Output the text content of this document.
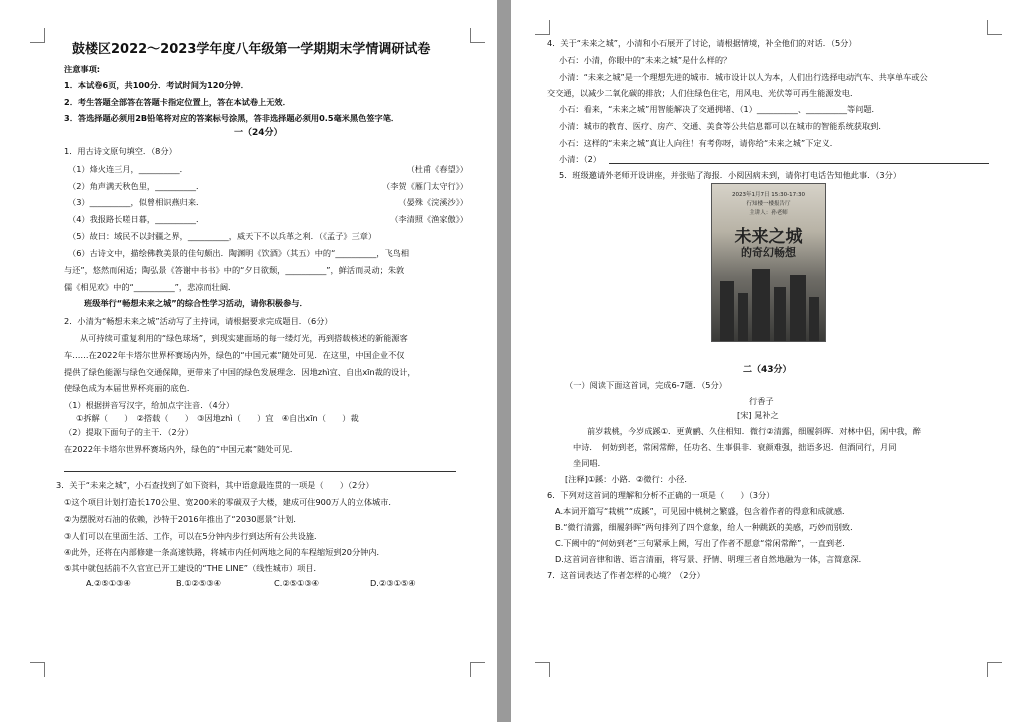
鼓楼区2022～2023学年度八年级第一学期期末学情调研试卷
注意事项:
1．本试卷6页，共100分．考试时间为120分钟．
2．考生答题全部答在答题卡指定位置上，答在本试卷上无效．
3．答选择题必须用2B铅笔将对应的答案标号涂黑，答非选择题必须用0.5毫米黑色签字笔．
一（24分）
1．用古诗文原句填空．（8分）
（1）烽火连三月，__________．	（杜甫《春望》）
（2）角声满天秋色里，__________．	（李贺《雁门太守行》）
（3）__________，似曾相识燕归来．	（晏殊《浣溪沙》）
（4）我报路长嗟日暮，__________．	（李清照《渔家傲》）
（5）故曰：域民不以封疆之界，__________，威天下不以兵革之利．（《孟子》三章）
（6）古诗文中，描绘佛教美景的佳句颇出．陶渊明《饮酒》（其五）中的“__________，飞鸟相
与还”，悠然而闲适；陶弘景《答谢中书书》中的“夕日欲颓，__________”，鲜活而灵动；朱敦
儒《相见欢》中的“__________”，悲凉而壮阔．
班级举行“畅想未来之城”的综合性学习活动，请你积极参与．
2．小清为“畅想未来之城”活动写了主持词，请根据要求完成题目．（6分）
从可持续可重复利用的“绿色球场”，到现实建面场的每一缕灯光，再到搭载核述的新能源客
车……在2022年卡塔尔世界杯赛场内外，绿色的“中国元素”随处可见．在这里，中国企业不仅
提供了绿色能源与绿色交通保障，更带来了中国的绿色发展理念．因地zhì宜、自出xīn裁的设计，
使绿色成为本届世界杯亮丽的底色．
（1）根据拼音写汉字，给加点字注音．（4分）
①拆解（　　）　②搭载（　　）　③因地zhì（　　）宜　④自出xīn（　　）裁
（2）提取下面句子的主干．（2分）
在2022年卡塔尔世界杯赛场内外，绿色的“中国元素”随处可见．
3．关于“未来之城”，小石查找到了如下资料，其中语意最连贯的一项是（　　）（2分）
①这个项目计划打造长170公里、宽200米的零碳双子大楼，建成可住900万人的立体城市．
②为摆脱对石油的依赖，沙特于2016年推出了“2030愿景”计划．
③人们可以在里面生活、工作，可以在5分钟内步行到达所有公共设施．
④此外，还将在内部修建一条高速铁路，将城市内任何两地之间的车程缩短到20分钟内．
⑤其中就包括前不久官宣已开工建设的“THE LINE”（线性城市）项目．
A.②⑤①③④	B.①②⑤③④	C.②⑤①③④	D.②③①⑤④
4．关于“未来之城”，小清和小石展开了讨论，请根据情境，补全他们的对话．（5分）
小石：小清，你眼中的“未来之城”是什么样的？
小清：“未来之城”是一个理想先进的城市．城市设计以人为本，人们出行选择电动汽车、共享单车或公
交交通，以减少二氧化碳的排放；人们住绿色住宅，用风电、光伏等可再生能源发电．
小石：看来，“未来之城”用智能解决了交通拥堵、（1）__________、__________等问题．
小清：城市的教育、医疗、房产、交通、美食等公共信息都可以在城市的智能系统获取到．
小石：这样的“未来之城”真让人向往！有考你呀，请你给“未来之城”下定义．
小清：（2）
5．班级邀请外老师开设讲座，并张贴了海报．小阅因病未到，请你打电话告知他此事．（3分）
2023年1月7日 15:30-17:30
行知楼一楼报告厅
主讲人：孙老师
未来之城
的奇幻畅想
二（43分）
（一）阅读下面这首词，完成6-7题．（5分）
行香子
[宋] 晁补之
前岁栽桃，今岁成蹊①．更黄鹂、久住相知．微行②清露，细履斜晖．对林中侣，闲中我，醉
中诗．　何妨到老，常闲常醉，任功名、生事俱非．衰颜难强，拙语多迟．但酒同行，月同
坐同唱．
[注释]①蹊：小路．②微行：小径．
6．下列对这首词的理解和分析不正确的一项是（　　）（3分）
A.本词开篇写“栽桃”“成蹊”，可见园中桃树之繁盛，包含着作者的得意和成就感．
B.“微行清露，细履斜晖”两句排列了四个意象，给人一种跳跃的美感，巧妙而别致．
C.下阙中的“何妨到老”三句紧承上阙，写出了作者不愿意“常闲常醉”，一直到老．
D.这首词音律和谐、语言清丽，将写景、抒情、明理三者自然地融为一体，言简意深．
7．这首词表达了作者怎样的心境？（2分）
